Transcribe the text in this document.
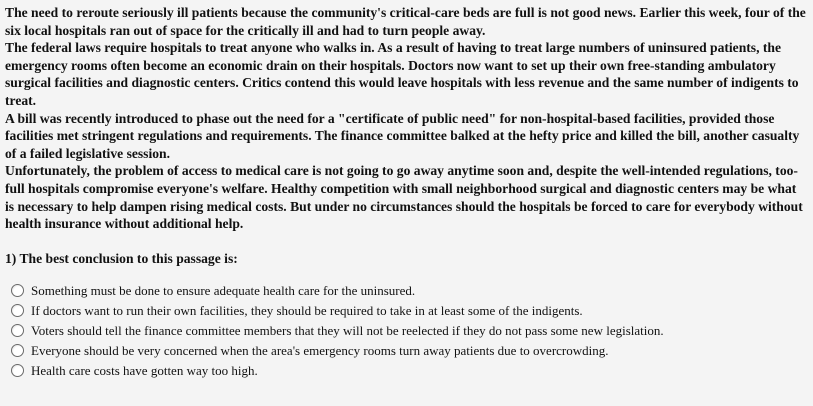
The need to reroute seriously ill patients because the community's critical-care beds are full is not good news. Earlier this week, four of the six local hospitals ran out of space for the critically ill and had to turn people away.

The federal laws require hospitals to treat anyone who walks in. As a result of having to treat large numbers of uninsured patients, the emergency rooms often become an economic drain on their hospitals. Doctors now want to set up their own free-standing ambulatory surgical facilities and diagnostic centers. Critics contend this would leave hospitals with less revenue and the same number of indigents to treat.

A bill was recently introduced to phase out the need for a "certificate of public need" for non-hospital-based facilities, provided those facilities met stringent regulations and requirements. The finance committee balked at the hefty price and killed the bill, another casualty of a failed legislative session.

Unfortunately, the problem of access to medical care is not going to go away anytime soon and, despite the well-intended regulations, too-full hospitals compromise everyone's welfare. Healthy competition with small neighborhood surgical and diagnostic centers may be what is necessary to help dampen rising medical costs. But under no circumstances should the hospitals be forced to care for everybody without health insurance without additional help.

1) The best conclusion to this passage is:
Something must be done to ensure adequate health care for the uninsured.
If doctors want to run their own facilities, they should be required to take in at least some of the indigents.
Voters should tell the finance committee members that they will not be reelected if they do not pass some new legislation.
Everyone should be very concerned when the area's emergency rooms turn away patients due to overcrowding.
Health care costs have gotten way too high.
